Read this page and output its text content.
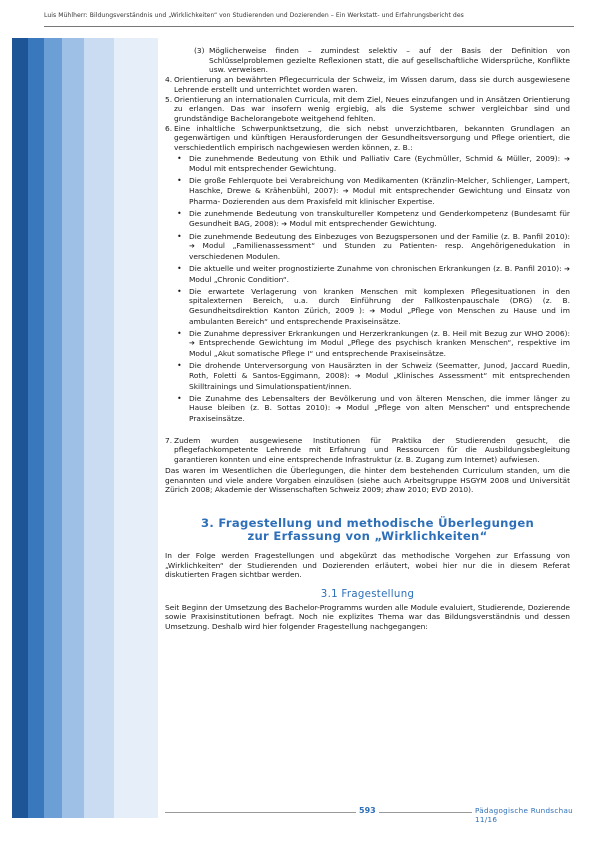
Luis Mühlherr: Bildungsverständnis und „Wirklichkeiten“ von Studierenden und Dozierenden – Ein Werkstatt- und Erfahrungsbericht des

(3) Möglicherweise finden – zumindest selektiv – auf der Basis der Definition von Schlüsselproblemen gezielte Reflexionen statt, die auf gesellschaftliche Widersprüche, Konflikte usw. verweisen.

4. Orientierung an bewährten Pflegecurricula der Schweiz, im Wissen darum, dass sie durch ausgewiesene Lehrende erstellt und unterrichtet worden waren.

5. Orientierung an internationalen Curricula, mit dem Ziel, Neues einzufangen und in Ansätzen Orientierung zu erlangen. Das war insofern wenig ergiebig, als die Systeme schwer vergleichbar sind und grundständige Bachelorangebote weitgehend fehlten.

6. Eine inhaltliche Schwerpunktsetzung, die sich nebst unverzichtbaren, bekannten Grundlagen an gegenwärtigen und künftigen Herausforderungen der Gesundheitsversorgung und Pflege orientiert, die verschiedentlich empirisch nachgewiesen werden können, z. B.:

• Die zunehmende Bedeutung von Ethik und Palliativ Care (Eychmüller, Schmid & Müller, 2009): ➔ Modul mit entsprechender Gewichtung.
• Die große Fehlerquote bei Verabreichung von Medikamenten (Kränzlin-Melcher, Schlienger, Lampert, Haschke, Drewe & Krähenbühl, 2007): ➔ Modul mit entsprechender Gewichtung und Einsatz von Pharma- Dozierenden aus dem Praxisfeld mit klinischer Expertise.
• Die zunehmende Bedeutung von transkultureller Kompetenz und Genderkompetenz (Bundesamt für Gesundheit BAG, 2008): ➔ Modul mit entsprechender Gewichtung.
• Die zunehmende Bedeutung des Einbezuges von Bezugspersonen und der Familie (z. B. Panfil 2010): ➔ Modul „Familienassessment“ und Stunden zu Patienten- resp. Angehörigenedukation in verschiedenen Modulen.
• Die aktuelle und weiter prognostizierte Zunahme von chronischen Erkrankungen (z. B. Panfil 2010): ➔ Modul „Chronic Condition“.
• Die erwartete Verlagerung von kranken Menschen mit komplexen Pflegesituationen in den spitalexternen Bereich, u.a. durch Einführung der Fallkostenpauschale (DRG) (z. B. Gesundheitsdirektion Kanton Zürich, 2009 ): ➔ Modul „Pflege von Menschen zu Hause und im ambulanten Bereich“ und entsprechende Praxiseinsätze.
• Die Zunahme depressiver Erkrankungen und Herzerkrankungen (z. B. Heil mit Bezug zur WHO 2006): ➔ Entsprechende Gewichtung im Modul „Pflege des psychisch kranken Menschen“, respektive im Modul „Akut somatische Pflege I“ und entsprechende Praxiseinsätze.
• Die drohende Unterversorgung von Hausärzten in der Schweiz (Seematter, Junod, Jaccard Ruedin, Roth, Foletti & Santos-Eggimann, 2008): ➔ Modul „Klinisches Assessment“ mit entsprechenden Skilltrainings und Simulationspatient/innen.
• Die Zunahme des Lebensalters der Bevölkerung und von älteren Menschen, die immer länger zu Hause bleiben (z. B. Sottas 2010): ➔ Modul „Pflege von alten Menschen“ und entsprechende Praxiseinsätze.

7. Zudem wurden ausgewiesene Institutionen für Praktika der Studierenden gesucht, die pflegefachkompetente Lehrende mit Erfahrung und Ressourcen für die Ausbildungsbegleitung garantieren konnten und eine entsprechende Infrastruktur (z. B. Zugang zum Internet) aufwiesen.

Das waren im Wesentlichen die Überlegungen, die hinter dem bestehenden Curriculum standen, um die genannten und viele andere Vorgaben einzulösen (siehe auch Arbeitsgruppe HSGYM 2008 und Universität Zürich 2008; Akademie der Wissenschaften Schweiz 2009; zhaw 2010; EVD 2010).

3. Fragestellung und methodische Überlegungen
zur Erfassung von „Wirklichkeiten“

In der Folge werden Fragestellungen und abgekürzt das methodische Vorgehen zur Erfassung von „Wirklichkeiten“ der Studierenden und Dozierenden erläutert, wobei hier nur die in diesem Referat diskutierten Fragen sichtbar werden.

3.1 Fragestellung

Seit Beginn der Umsetzung des Bachelor-Programms wurden alle Module evaluiert, Studierende, Dozierende sowie Praxisinstitutionen befragt. Noch nie explizites Thema war das Bildungsverständnis und dessen Umsetzung. Deshalb wird hier folgender Fragestellung nachgegangen:

593	Pädagogische Rundschau 11/16
